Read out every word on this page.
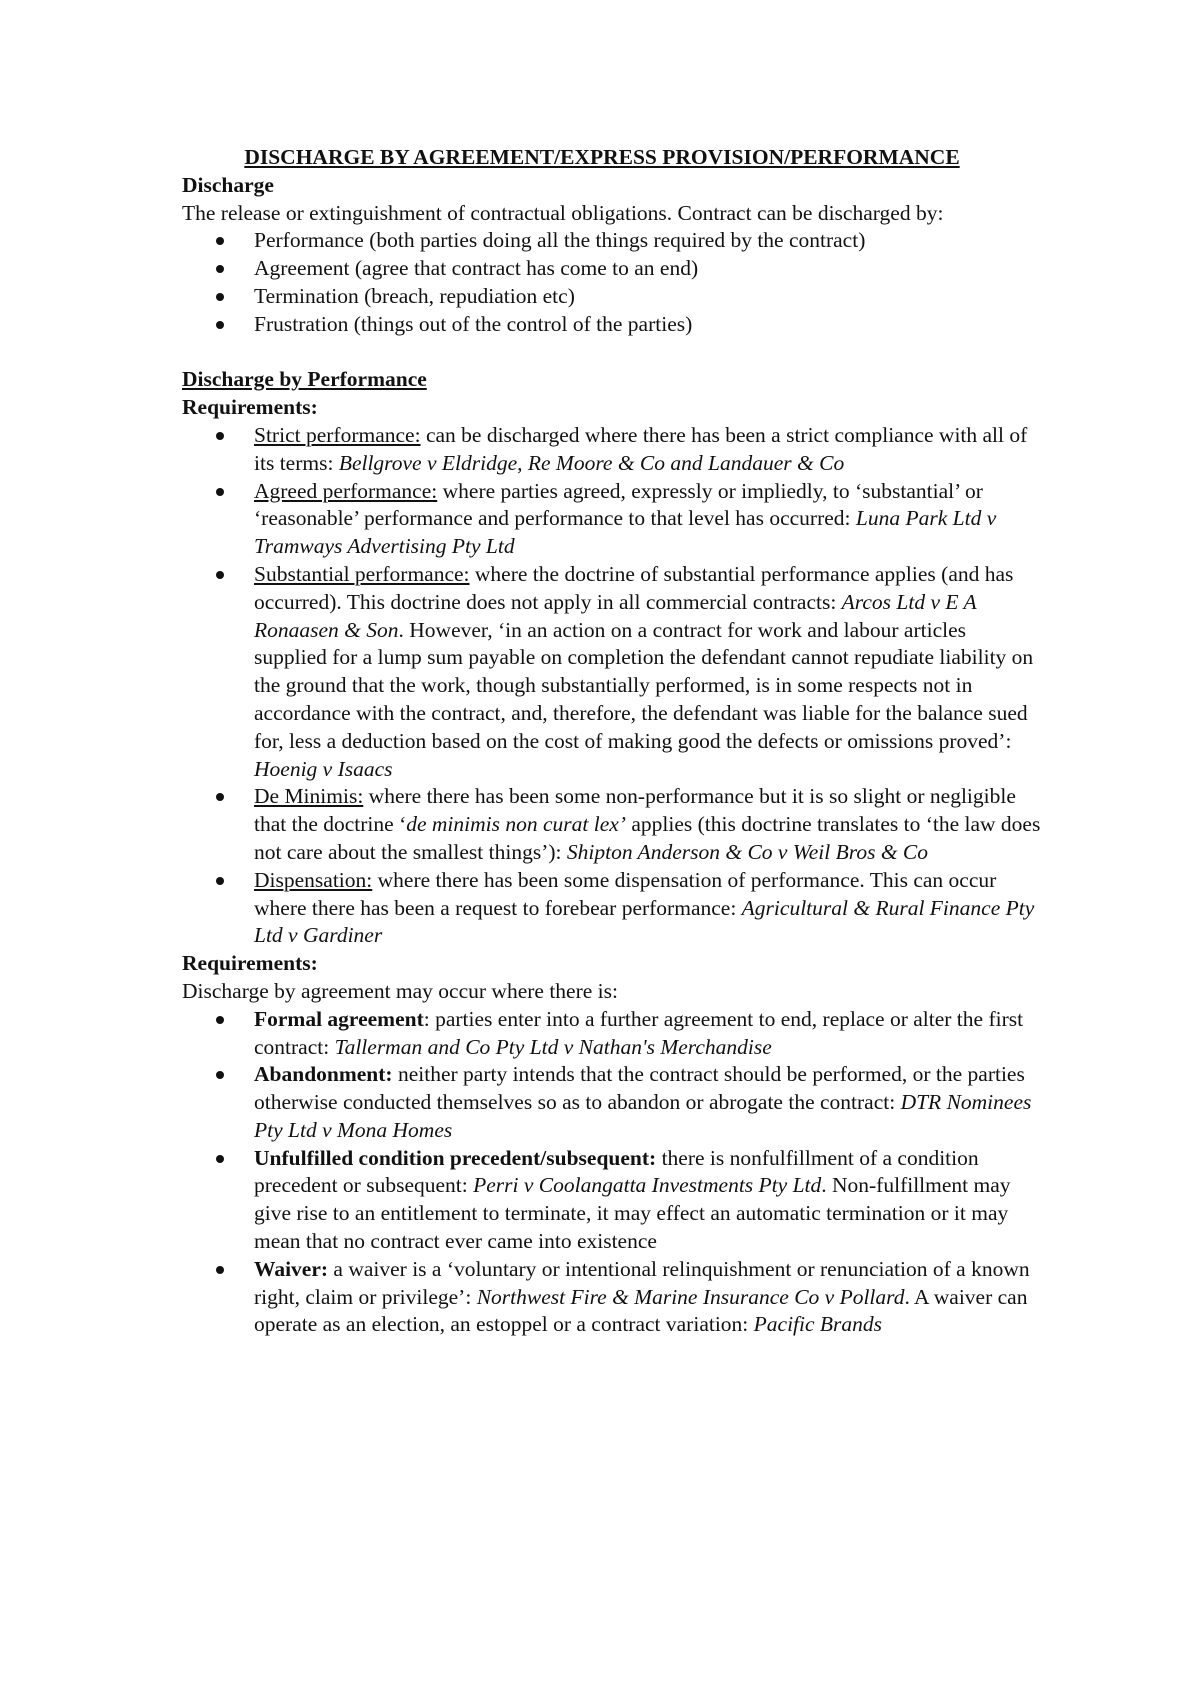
DISCHARGE BY AGREEMENT/EXPRESS PROVISION/PERFORMANCE

Discharge

The release or extinguishment of contractual obligations. Contract can be discharged by:

Performance (both parties doing all the things required by the contract)
Agreement (agree that contract has come to an end)
Termination (breach, repudiation etc)
Frustration (things out of the control of the parties)

Discharge by Performance

Requirements:

Strict performance: can be discharged where there has been a strict compliance with all of its terms: Bellgrove v Eldridge, Re Moore & Co and Landauer & Co
Agreed performance: where parties agreed, expressly or impliedly, to ‘substantial’ or ‘reasonable’ performance and performance to that level has occurred: Luna Park Ltd v Tramways Advertising Pty Ltd
Substantial performance: where the doctrine of substantial performance applies (and has occurred). This doctrine does not apply in all commercial contracts: Arcos Ltd v E A Ronaasen & Son. However, ‘in an action on a contract for work and labour articles supplied for a lump sum payable on completion the defendant cannot repudiate liability on the ground that the work, though substantially performed, is in some respects not in accordance with the contract, and, therefore, the defendant was liable for the balance sued for, less a deduction based on the cost of making good the defects or omissions proved’: Hoenig v Isaacs
De Minimis: where there has been some non-performance but it is so slight or negligible that the doctrine ‘de minimis non curat lex’ applies (this doctrine translates to ‘the law does not care about the smallest things’): Shipton Anderson & Co v Weil Bros & Co
Dispensation: where there has been some dispensation of performance. This can occur where there has been a request to forebear performance: Agricultural & Rural Finance Pty Ltd v Gardiner

Requirements:

Discharge by agreement may occur where there is:

Formal agreement: parties enter into a further agreement to end, replace or alter the first contract: Tallerman and Co Pty Ltd v Nathan's Merchandise
Abandonment: neither party intends that the contract should be performed, or the parties otherwise conducted themselves so as to abandon or abrogate the contract: DTR Nominees Pty Ltd v Mona Homes
Unfulfilled condition precedent/subsequent: there is nonfulfillment of a condition precedent or subsequent: Perri v Coolangatta Investments Pty Ltd. Non-fulfillment may give rise to an entitlement to terminate, it may effect an automatic termination or it may mean that no contract ever came into existence
Waiver: a waiver is a ‘voluntary or intentional relinquishment or renunciation of a known right, claim or privilege’: Northwest Fire & Marine Insurance Co v Pollard. A waiver can operate as an election, an estoppel or a contract variation: Pacific Brands
